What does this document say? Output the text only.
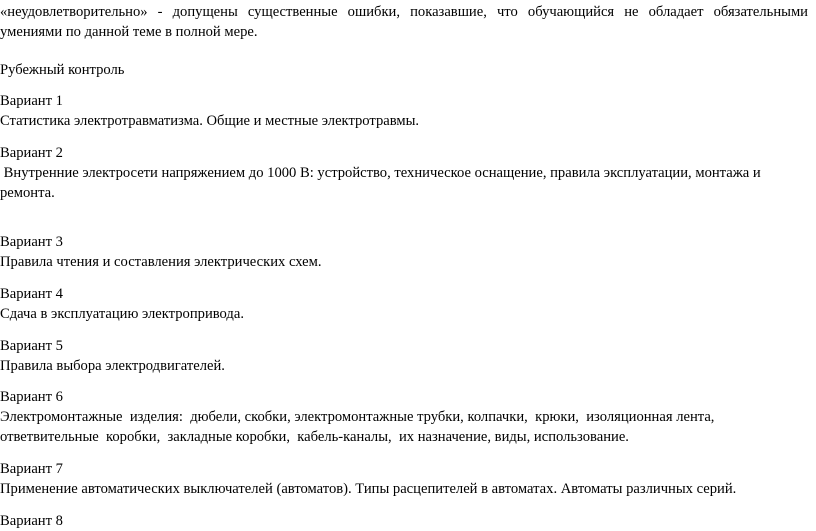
«неудовлетворительно» - допущены существенные ошибки, показавшие, что обучающийся не обладает обязательными
умениями по данной теме в полной мере.
Рубежный контроль
Вариант 1
Статистика электротравматизма. Общие и местные электротравмы.
Вариант 2
Внутренние электросети напряжением до 1000 В: устройство, техническое оснащение, правила эксплуатации, монтажа и
ремонта.
Вариант 3
Правила чтения и составления электрических схем.
Вариант 4
Сдача в эксплуатацию электропривода.
Вариант 5
Правила выбора электродвигателей.
Вариант 6
Электромонтажные  изделия:  дюбели, скобки, электромонтажные трубки, колпачки,  крюки,  изоляционная лента,
ответвительные  коробки,  закладные коробки,  кабель-каналы,  их назначение, виды, использование.
Вариант 7
Применение автоматических выключателей (автоматов). Типы расцепителей в автоматах. Автоматы различных серий.
Вариант 8
